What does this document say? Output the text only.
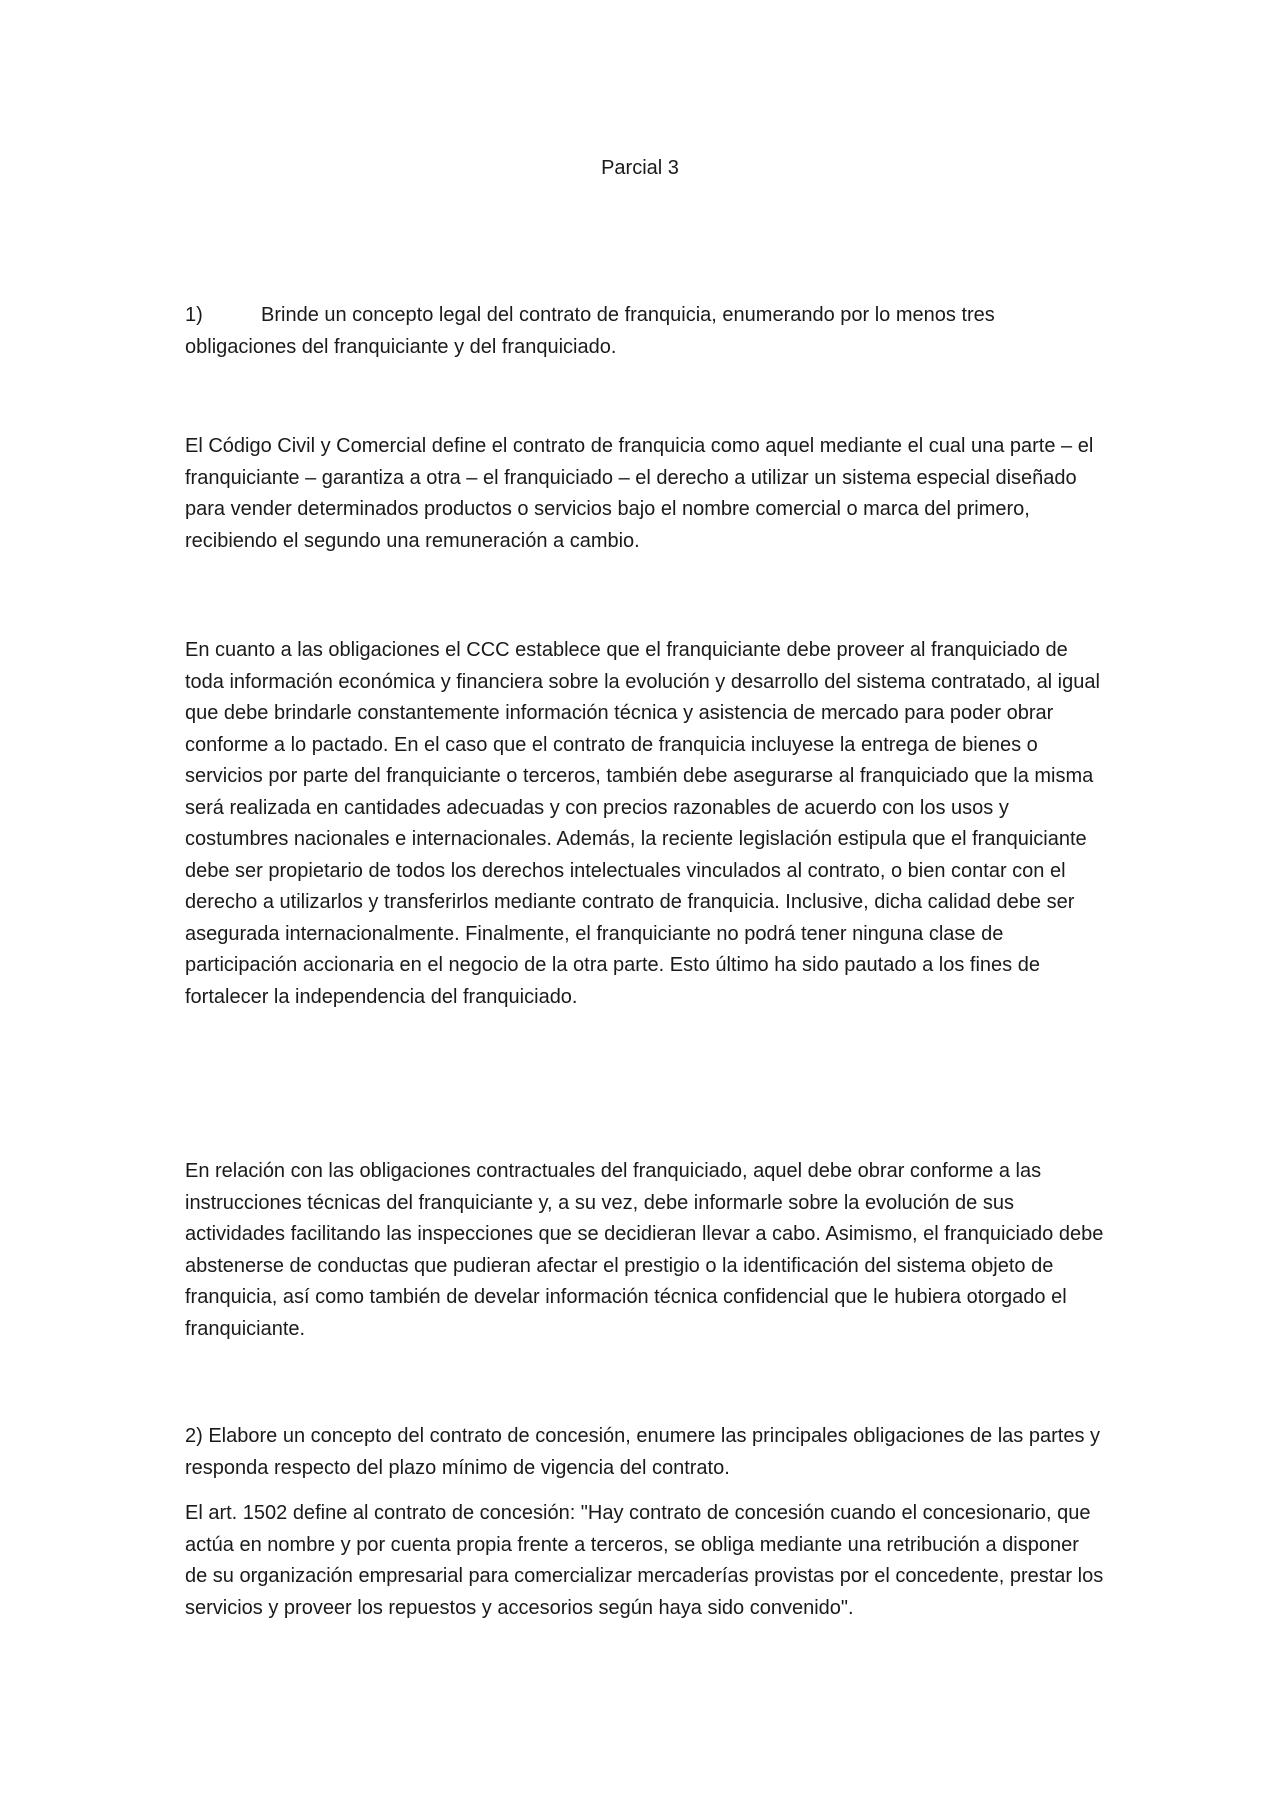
Parcial 3

1)	Brinde un concepto legal del contrato de franquicia, enumerando por lo menos tres obligaciones del franquiciante y del franquiciado.

El Código Civil y Comercial define el contrato de franquicia como aquel mediante el cual una parte – el franquiciante – garantiza a otra – el franquiciado – el derecho a utilizar un sistema especial diseñado para vender determinados productos o servicios bajo el nombre comercial o marca del primero, recibiendo el segundo una remuneración a cambio.

En cuanto a las obligaciones el CCC establece que el franquiciante debe proveer al franquiciado de toda información económica y financiera sobre la evolución y desarrollo del sistema contratado, al igual que debe brindarle constantemente información técnica y asistencia de mercado para poder obrar conforme a lo pactado. En el caso que el contrato de franquicia incluyese la entrega de bienes o servicios por parte del franquiciante o terceros, también debe asegurarse al franquiciado que la misma será realizada en cantidades adecuadas y con precios razonables de acuerdo con los usos y costumbres nacionales e internacionales. Además, la reciente legislación estipula que el franquiciante debe ser propietario de todos los derechos intelectuales vinculados al contrato, o bien contar con el derecho a utilizarlos y transferirlos mediante contrato de franquicia. Inclusive, dicha calidad debe ser asegurada internacionalmente. Finalmente, el franquiciante no podrá tener ninguna clase de participación accionaria en el negocio de la otra parte. Esto último ha sido pautado a los fines de fortalecer la independencia del franquiciado.

En relación con las obligaciones contractuales del franquiciado, aquel debe obrar conforme a las instrucciones técnicas del franquiciante y, a su vez, debe informarle sobre la evolución de sus actividades facilitando las inspecciones que se decidieran llevar a cabo. Asimismo, el franquiciado debe abstenerse de conductas que pudieran afectar el prestigio o la identificación del sistema objeto de franquicia, así como también de develar información técnica confidencial que le hubiera otorgado el franquiciante.

2) Elabore un concepto del contrato de concesión, enumere las principales obligaciones de las partes y responda respecto del plazo mínimo de vigencia del contrato.

El art. 1502 define al contrato de concesión: "Hay contrato de concesión cuando el concesionario, que actúa en nombre y por cuenta propia frente a terceros, se obliga mediante una retribución a disponer de su organización empresarial para comercializar mercaderías provistas por el concedente, prestar los servicios y proveer los repuestos y accesorios según haya sido convenido".
